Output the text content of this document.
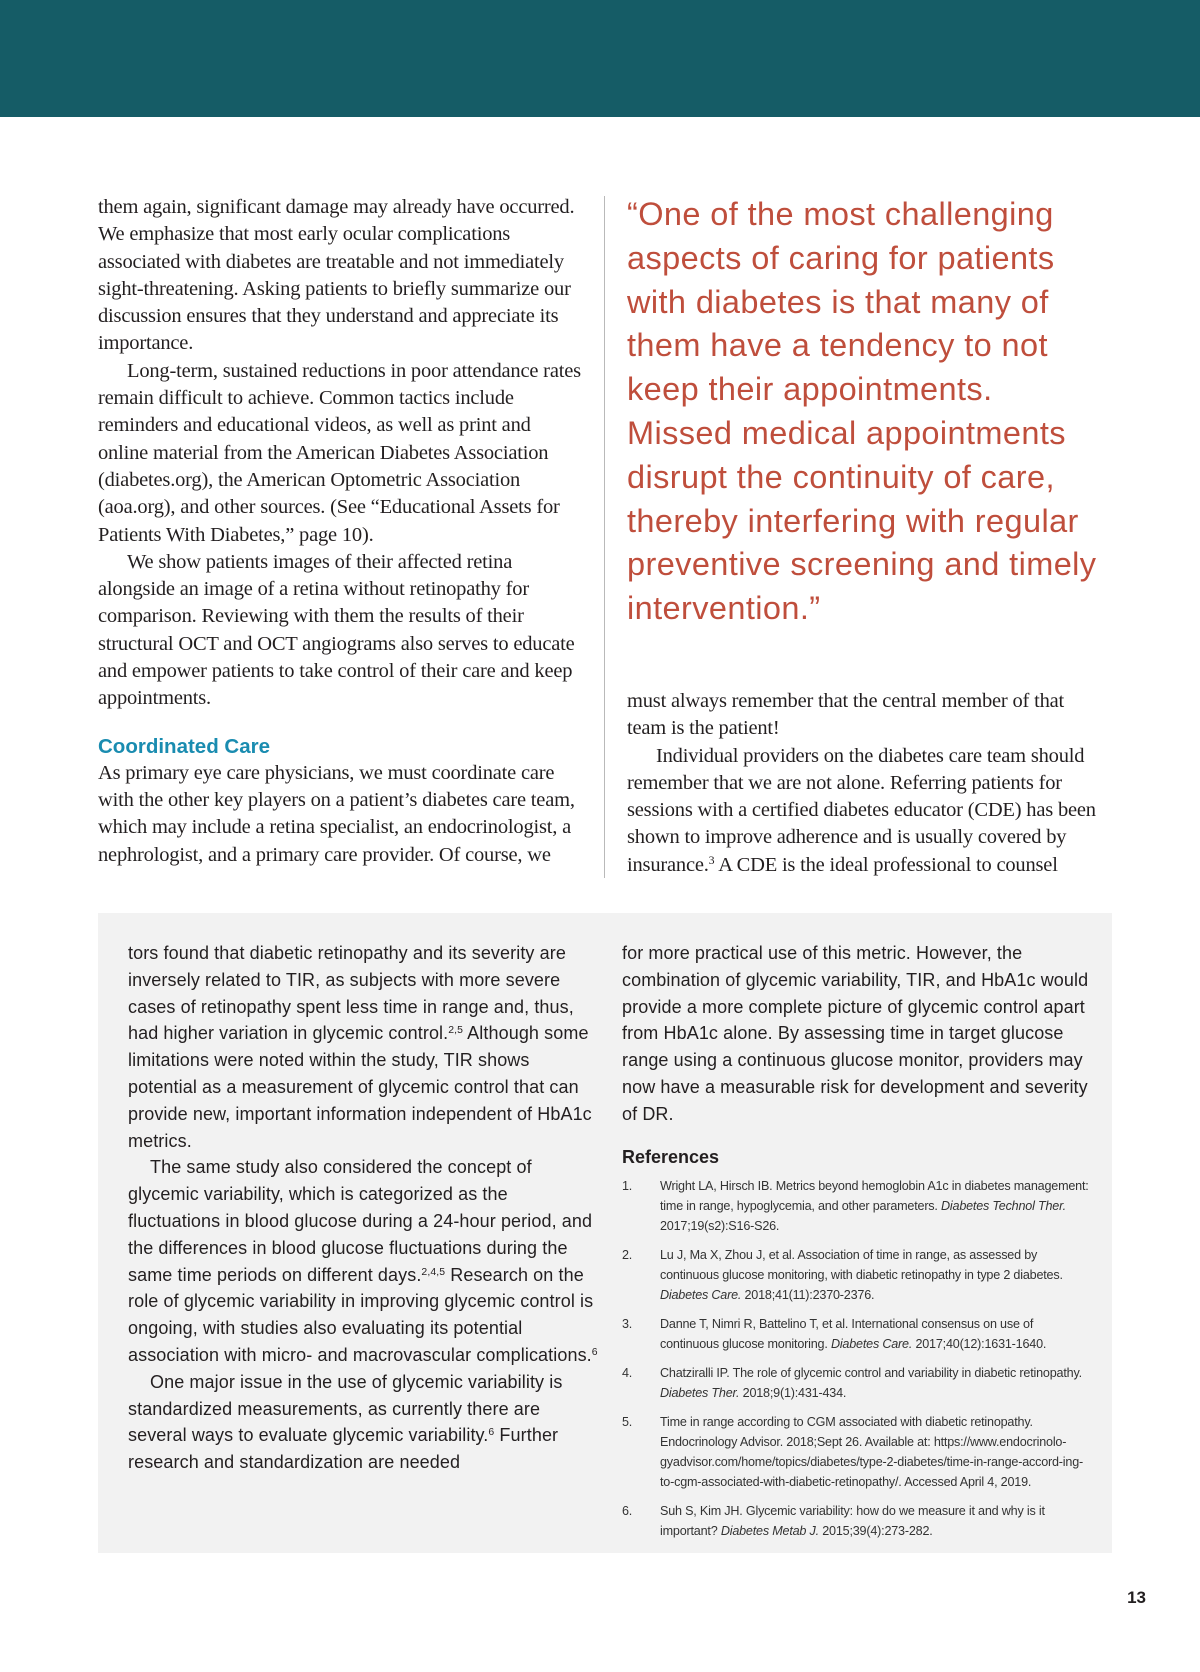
them again, significant damage may already have occurred. We emphasize that most early ocular complications associated with diabetes are treatable and not immediately sight-threatening. Asking patients to briefly summarize our discussion ensures that they understand and appreciate its importance.

Long-term, sustained reductions in poor attendance rates remain difficult to achieve. Common tactics include reminders and educational videos, as well as print and online material from the American Diabetes Association (diabetes.org), the American Optometric Association (aoa.org), and other sources. (See “Educational Assets for Patients With Diabetes,” page 10).

We show patients images of their affected retina alongside an image of a retina without retinopathy for comparison. Reviewing with them the results of their structural OCT and OCT angiograms also serves to educate and empower patients to take control of their care and keep appointments.

Coordinated Care

As primary eye care physicians, we must coordinate care with the other key players on a patient’s diabetes care team, which may include a retina specialist, an endocrinologist, a nephrologist, and a primary care provider. Of course, we

“One of the most challenging aspects of caring for patients with diabetes is that many of them have a tendency to not keep their appointments. Missed medical appointments disrupt the continuity of care, thereby interfering with regular preventive screening and timely intervention.”

must always remember that the central member of that team is the patient!

Individual providers on the diabetes care team should remember that we are not alone. Referring patients for sessions with a certified diabetes educator (CDE) has been shown to improve adherence and is usually covered by insurance.$^3$ A CDE is the ideal professional to counsel

tors found that diabetic retinopathy and its severity are inversely related to TIR, as subjects with more severe cases of retinopathy spent less time in range and, thus, had higher variation in glycemic control.$^{2,5}$ Although some limitations were noted within the study, TIR shows potential as a measurement of glycemic control that can provide new, important information independent of HbA1c metrics.

The same study also considered the concept of glycemic variability, which is categorized as the fluctuations in blood glucose during a 24-hour period, and the differences in blood glucose fluctuations during the same time periods on different days.$^{2,4,5}$ Research on the role of glycemic variability in improving glycemic control is ongoing, with studies also evaluating its potential association with micro- and macrovascular complications.$^6$

One major issue in the use of glycemic variability is standardized measurements, as currently there are several ways to evaluate glycemic variability.$^6$ Further research and standardization are needed

for more practical use of this metric. However, the combination of glycemic variability, TIR, and HbA1c would provide a more complete picture of glycemic control apart from HbA1c alone. By assessing time in target glucose range using a continuous glucose monitor, providers may now have a measurable risk for development and severity of DR.

References
1.	Wright LA, Hirsch IB. Metrics beyond hemoglobin A1c in diabetes management: time in range, hypoglycemia, and other parameters. Diabetes Technol Ther. 2017;19(s2):S16-S26.
2.	Lu J, Ma X, Zhou J, et al. Association of time in range, as assessed by continuous glucose monitoring, with diabetic retinopathy in type 2 diabetes. Diabetes Care. 2018;41(11):2370-2376.
3.	Danne T, Nimri R, Battelino T, et al. International consensus on use of continuous glucose monitoring. Diabetes Care. 2017;40(12):1631-1640.
4.	Chatziralli IP. The role of glycemic control and variability in diabetic retinopathy. Diabetes Ther. 2018;9(1):431-434.
5.	Time in range according to CGM associated with diabetic retinopathy. Endocrinology Advisor. 2018;Sept 26. Available at: https://www.endocrinolo-gyadvisor.com/home/topics/diabetes/type-2-diabetes/time-in-range-accord-ing-to-cgm-associated-with-diabetic-retinopathy/. Accessed April 4, 2019.
6.	Suh S, Kim JH. Glycemic variability: how do we measure it and why is it important? Diabetes Metab J. 2015;39(4):273-282.
13
